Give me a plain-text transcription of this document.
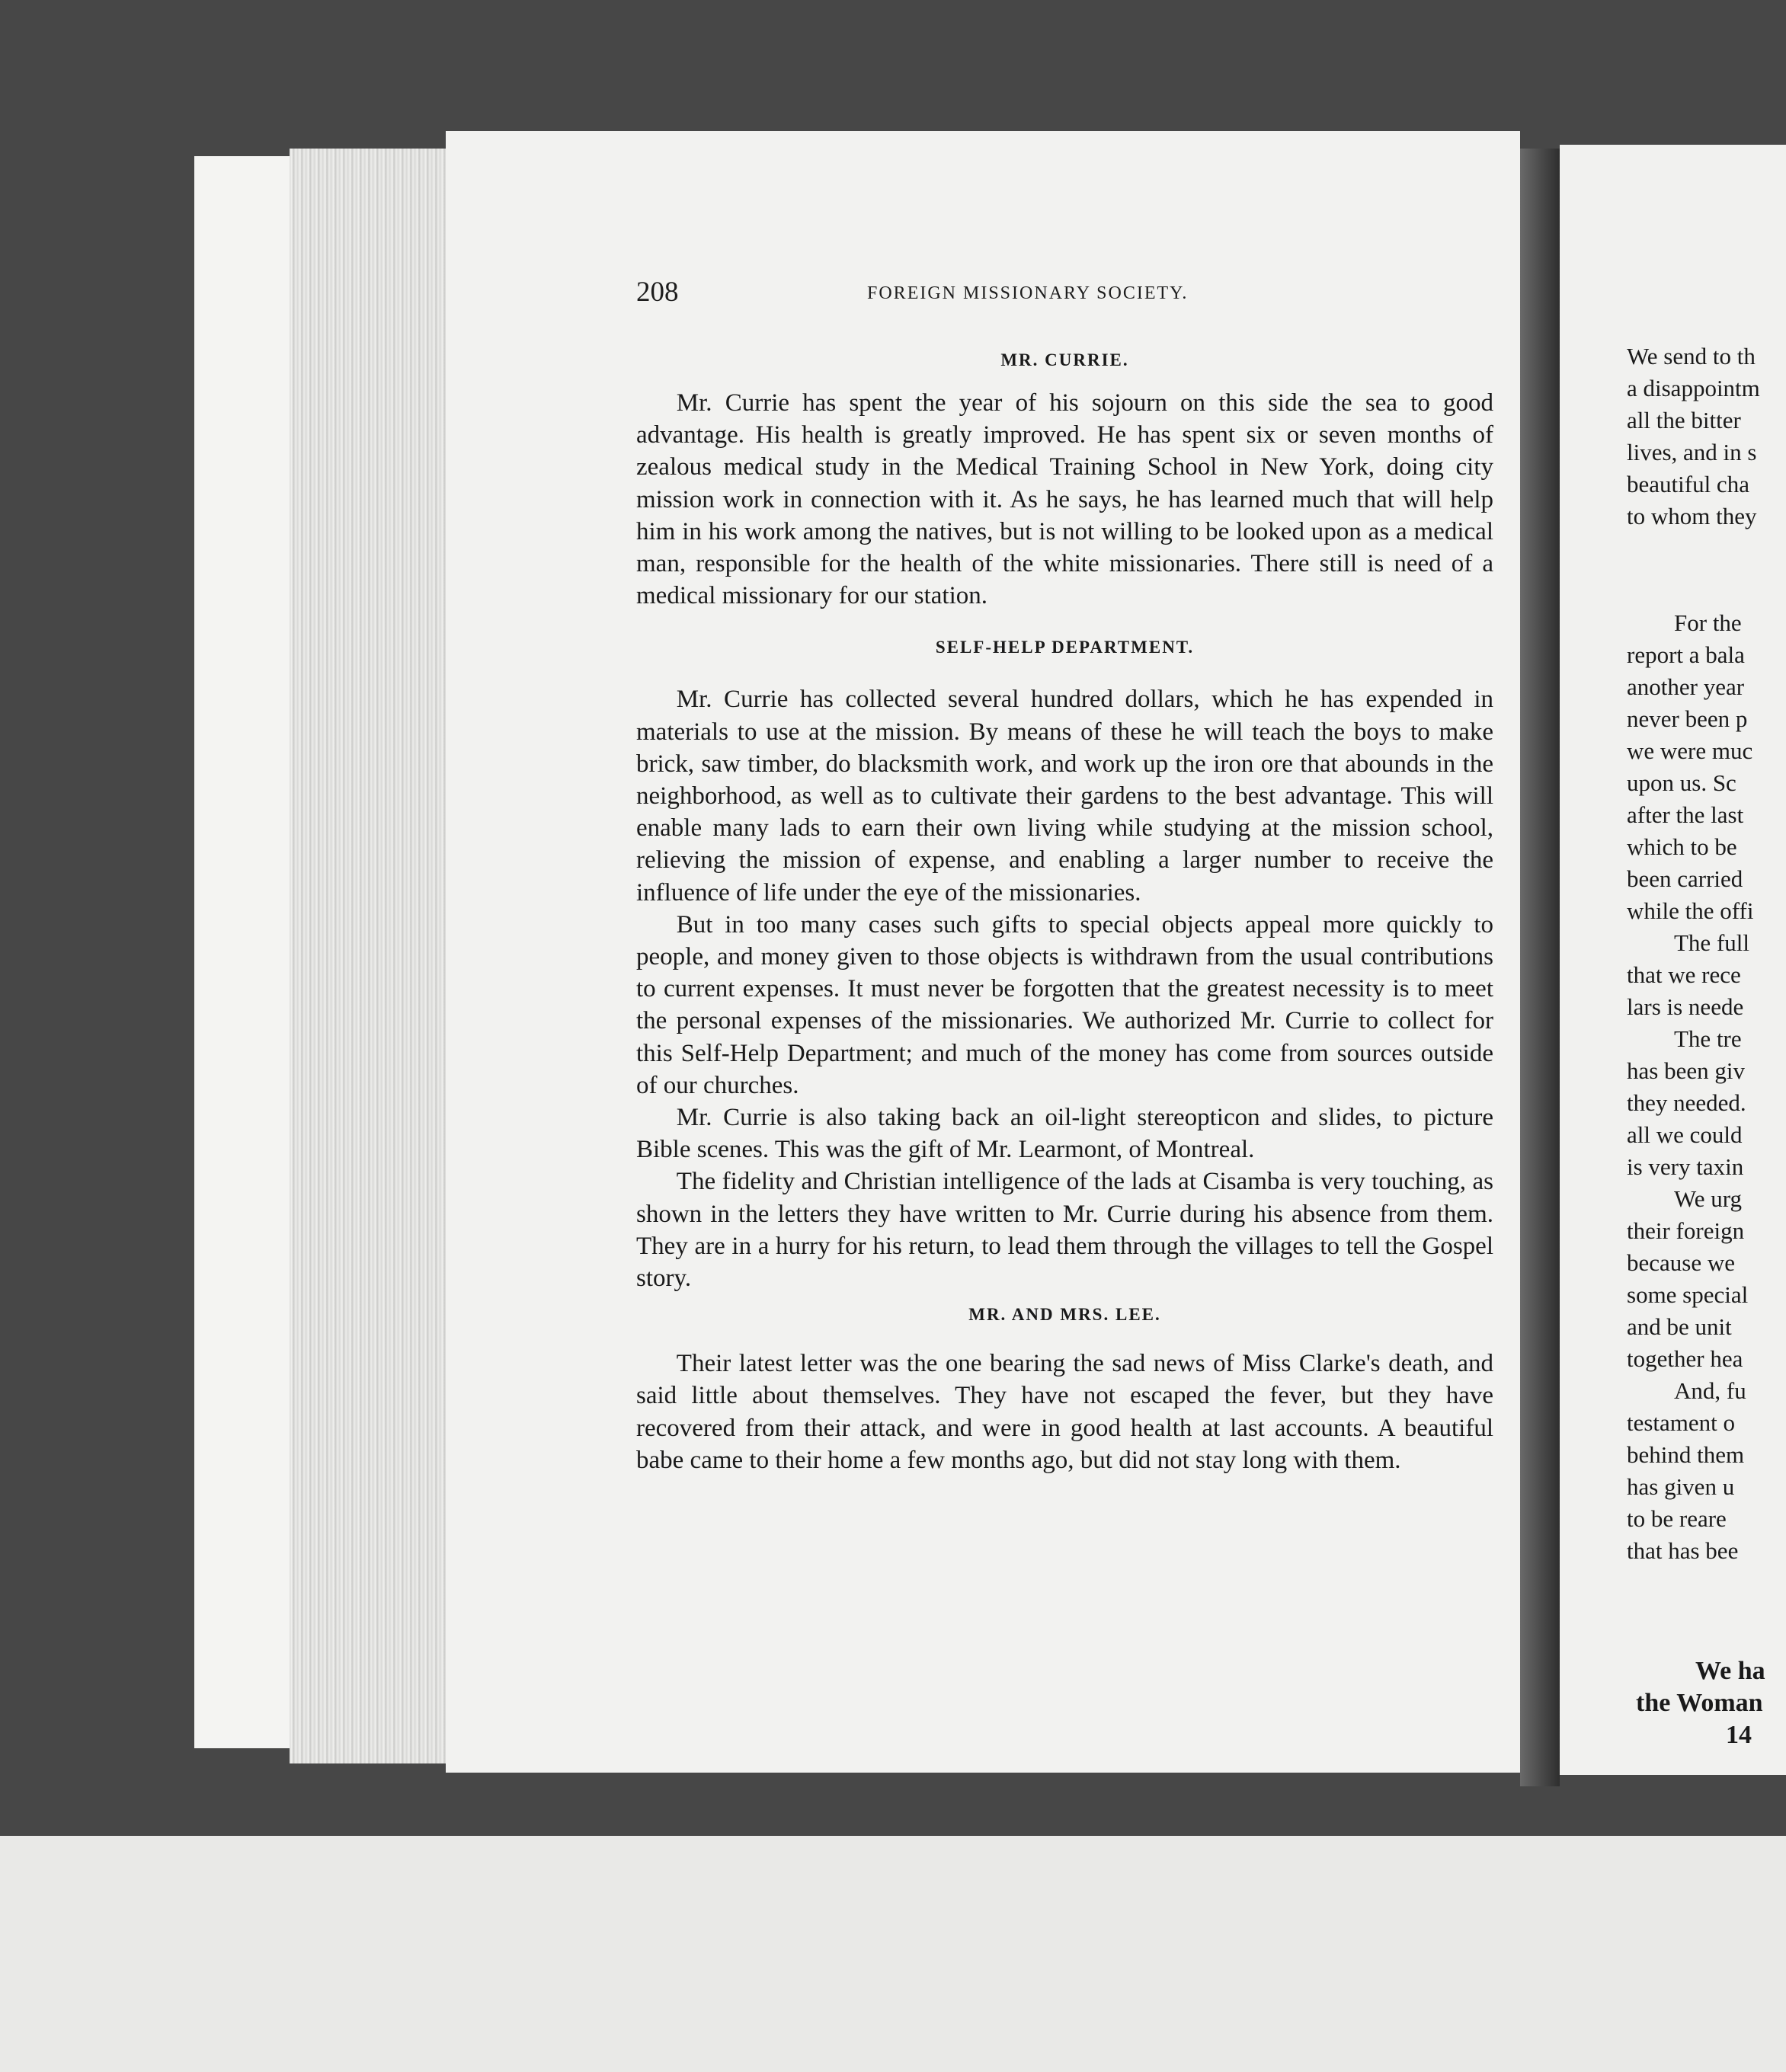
208	FOREIGN MISSIONARY SOCIETY.
MR. CURRIE.

Mr. Currie has spent the year of his sojourn on this side the sea to good advantage. His health is greatly improved. He has spent six or seven months of zealous medical study in the Medical Training School in New York, doing city mission work in connection with it. As he says, he has learned much that will help him in his work among the natives, but is not willing to be looked upon as a medical man, responsible for the health of the white missionaries. There still is need of a medical missionary for our station.

SELF-HELP DEPARTMENT.

Mr. Currie has collected several hundred dollars, which he has expended in materials to use at the mission. By means of these he will teach the boys to make brick, saw timber, do blacksmith work, and work up the iron ore that abounds in the neighborhood, as well as to cultivate their gardens to the best advantage. This will enable many lads to earn their own living while studying at the mission school, relieving the mission of expense, and enabling a larger number to receive the influence of life under the eye of the missionaries.

But in too many cases such gifts to special objects appeal more quickly to people, and money given to those objects is withdrawn from the usual contributions to current expenses. It must never be forgotten that the greatest necessity is to meet the personal expenses of the missionaries. We authorized Mr. Currie to collect for this Self-Help Department; and much of the money has come from sources outside of our churches.

Mr. Currie is also taking back an oil-light stereopticon and slides, to picture Bible scenes. This was the gift of Mr. Learmont, of Montreal.

The fidelity and Christian intelligence of the lads at Cisamba is very touching, as shown in the letters they have written to Mr. Currie during his absence from them. They are in a hurry for his return, to lead them through the villages to tell the Gospel story.

MR. AND MRS. LEE.

Their latest letter was the one bearing the sad news of Miss Clarke's death, and said little about themselves. They have not escaped the fever, but they have recovered from their attack, and were in good health at last accounts. A beautiful babe came to their home a few months ago, but did not stay long with them.

We send to th
a disappointm
all the bitter
lives, and in s
beautiful cha
to whom they
For the
report a bala
another year
never been p
we were muc
upon us. Sc
after the last
which to be
been carried
while the offi
The full
that we rece
lars is neede
The tre
has been giv
they needed.
all we could
is very taxin
We urg
their foreign
because we
some special
and be unit
together hea
And, fu
testament o
behind them
has given u
to be reare
that has bee
We ha
the Woman
14
